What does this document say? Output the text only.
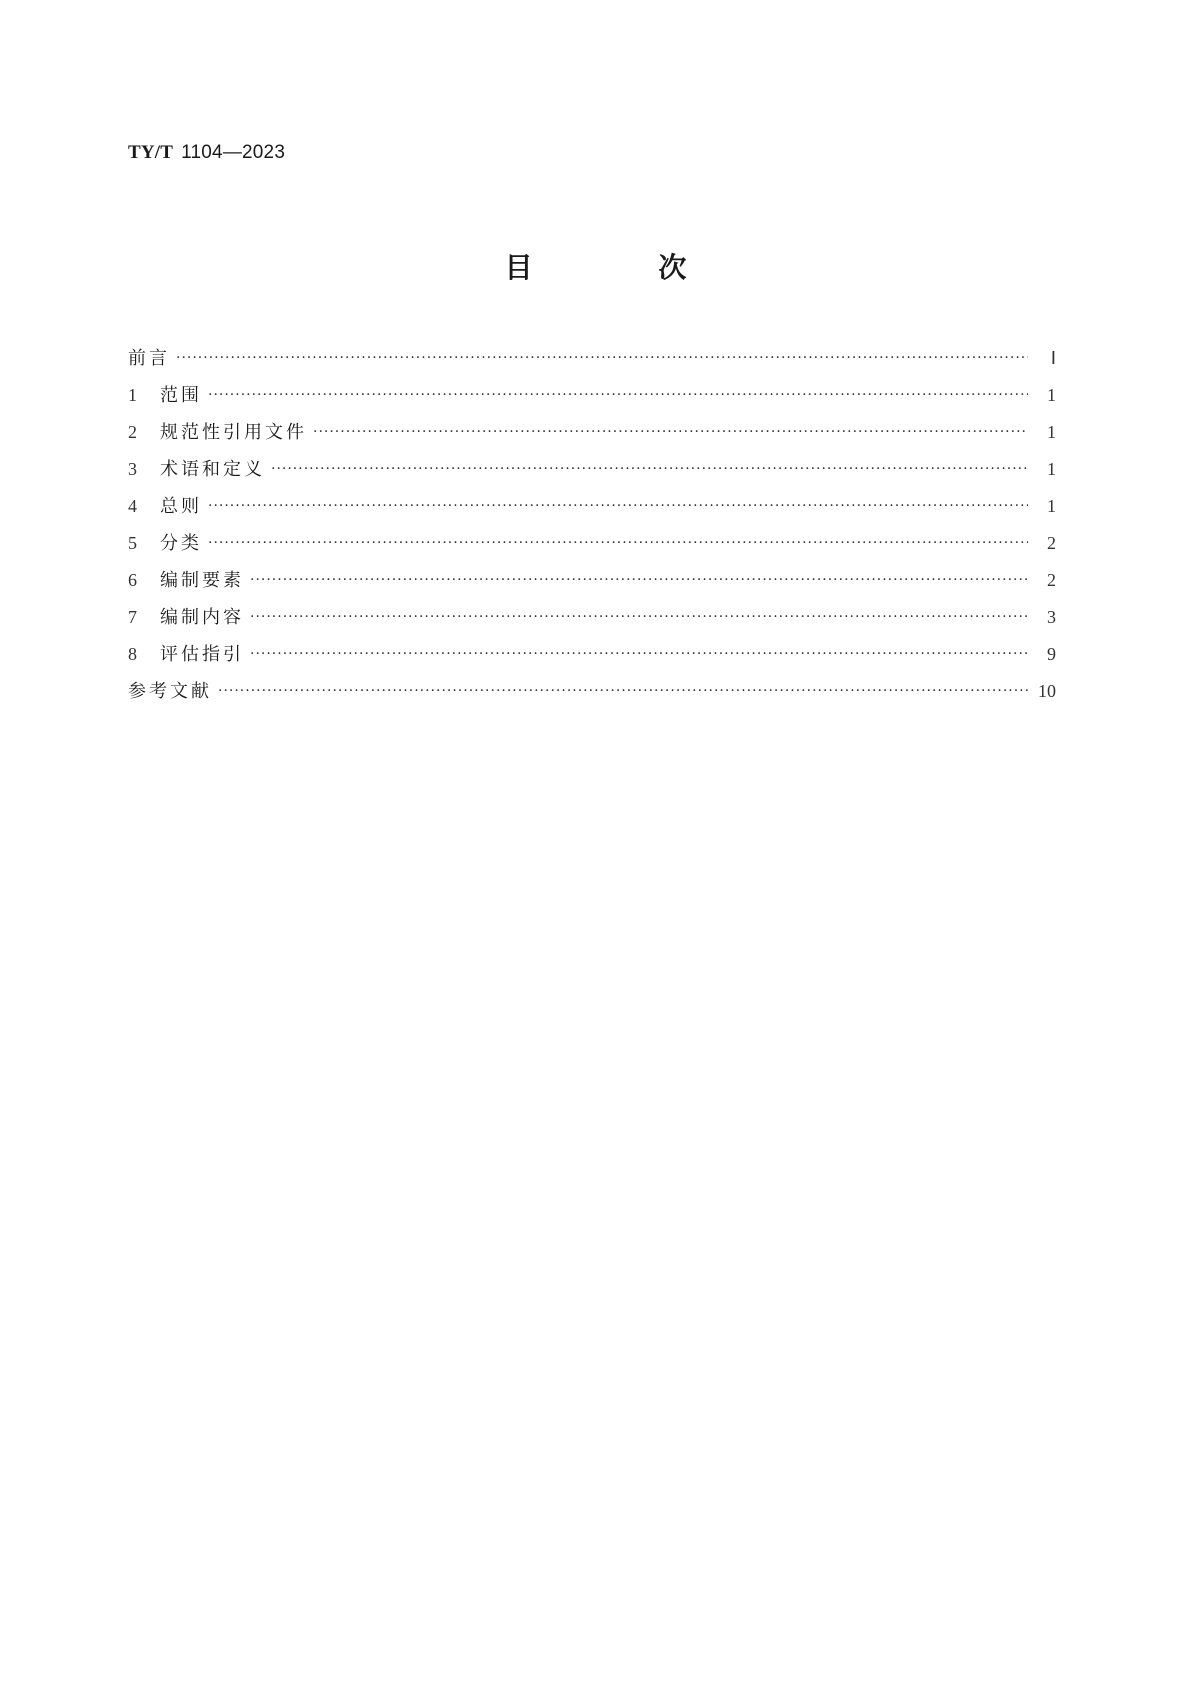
TY/T 1104—2023
目 次
前言 ·····	Ⅰ
1	范围 ·····	1
2	规范性引用文件 ·····	1
3	术语和定义 ·····	1
4	总则 ·····	1
5	分类 ·····	2
6	编制要素 ·····	2
7	编制内容 ·····	3
8	评估指引 ·····	9
参考文献 ·····	10
